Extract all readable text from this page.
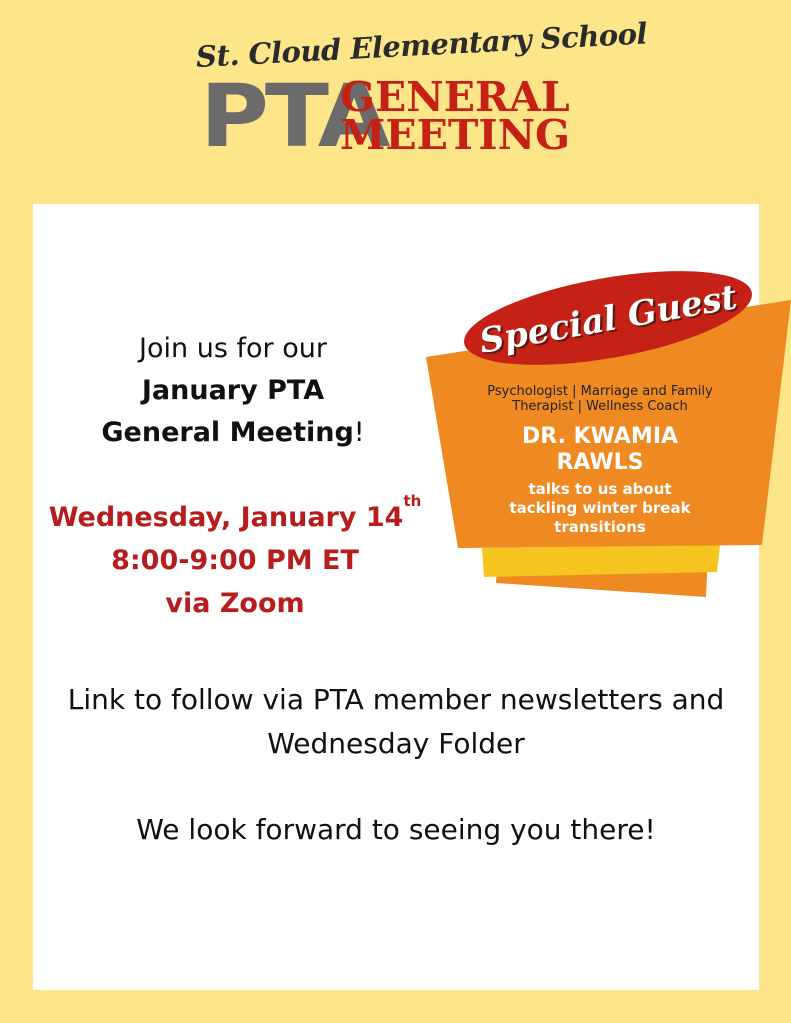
St. Cloud Elementary School
PTA
GENERAL
MEETING
Join us for our
January PTA
General Meeting!
Wednesday, January 14th
8:00-9:00 PM ET
via Zoom
Special Guest
Psychologist | Marriage and Family
Therapist | Wellness Coach
DR. KWAMIA
RAWLS
talks to us about
tackling winter break
transitions
Link to follow via PTA member newsletters and
Wednesday Folder
We look forward to seeing you there!
